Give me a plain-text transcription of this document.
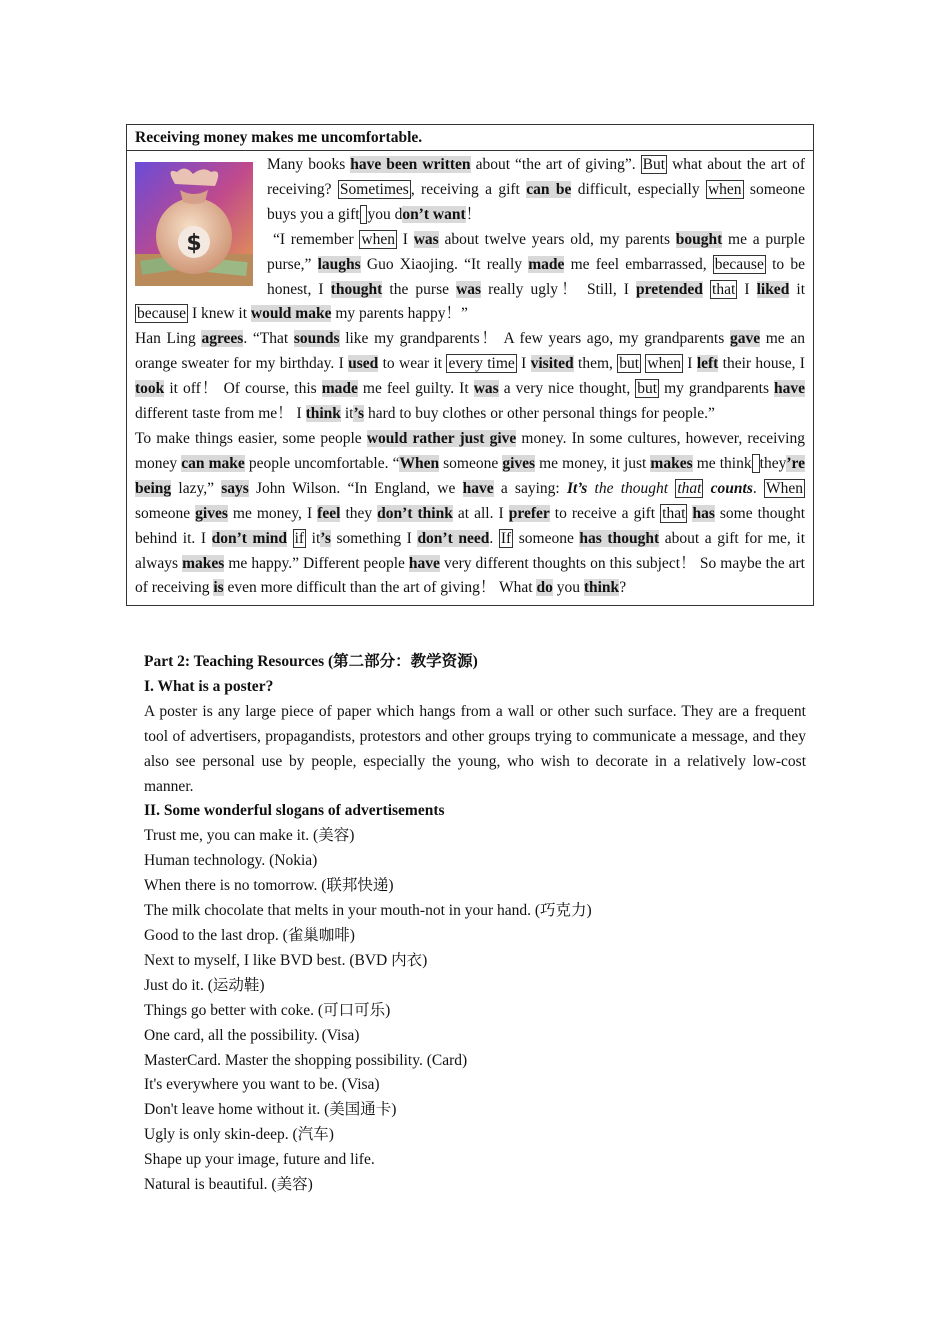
Receiving money makes me uncomfortable.
$

Many books have been written about “the art of giving”. But what about the art of receiving? Sometimes , receiving a gift can be difficult, especially when someone buys you a gift you don’t want！

“I remember when I was about twelve years old, my parents bought me a purple purse,” laughs Guo Xiaojing. “It really made me feel embarrassed, because to be honest, I thought the purse was really ugly！ Still, I pretended that I liked it because I knew it would make my parents happy！”

Han Ling agrees. “That sounds like my grandparents！ A few years ago, my grandparents gave me an orange sweater for my birthday. I used to wear it every time I visited them, but when I left their house, I took it off！ Of course, this made me feel guilty. It was a very nice thought, but my grandparents have different taste from me！ I think it’s hard to buy clothes or other personal things for people.”

To make things easier, some people would rather just give money. In some cultures, however, receiving money can make people uncomfortable. “When someone gives me money, it just makes me think they’re being lazy,” says John Wilson. “In England, we have a saying: It’s the thought that counts. When someone gives me money, I feel they don’t think at all. I prefer to receive a gift that has some thought behind it. I don’t mind if it’s something I don’t need. If someone has thought about a gift for me, it always makes me happy.” Different people have very different thoughts on this subject！ So maybe the art of receiving is even more difficult than the art of giving！ What do you think?

Part 2: Teaching Resources (第二部分：教学资源)

I. What is a poster?

A poster is any large piece of paper which hangs from a wall or other such surface. They are a frequent tool of advertisers, propagandists, protestors and other groups trying to communicate a message, and they also see personal use by people, especially the young, who wish to decorate in a relatively low-cost manner.

II. Some wonderful slogans of advertisements

Trust me, you can make it. (美容)
Human technology. (Nokia)
When there is no tomorrow. (联邦快递)
The milk chocolate that melts in your mouth-not in your hand. (巧克力)
Good to the last drop. (雀巢咖啡)
Next to myself, I like BVD best. (BVD 内衣)
Just do it. (运动鞋)
Things go better with coke. (可口可乐)
One card, all the possibility. (Visa)
MasterCard. Master the shopping possibility. (Card)
It's everywhere you want to be. (Visa)
Don't leave home without it. (美国通卡)
Ugly is only skin-deep. (汽车)
Shape up your image, future and life.
Natural is beautiful. (美容)
